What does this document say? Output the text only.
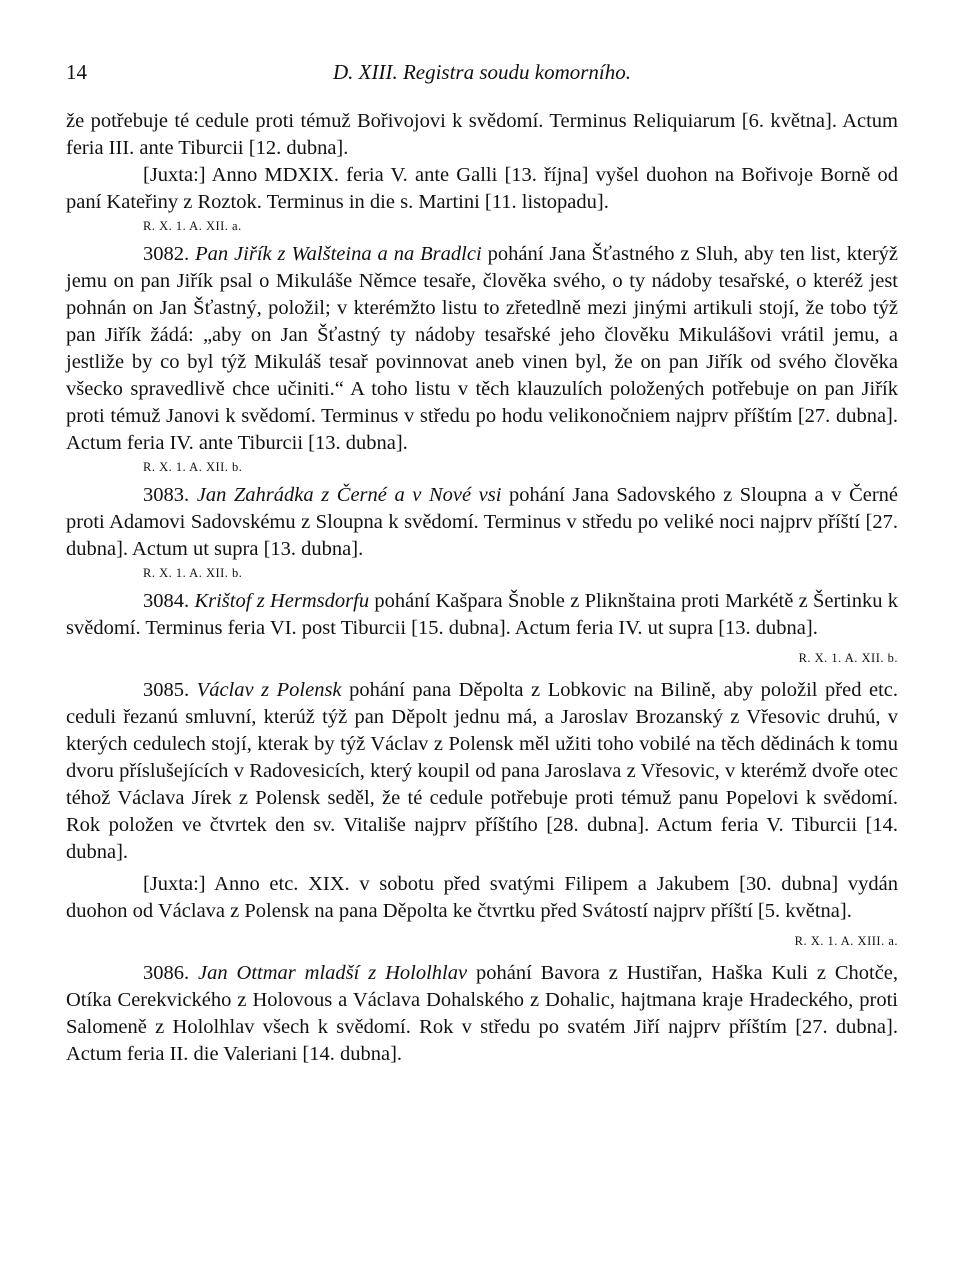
14	D. XIII. Registra soudu komorního.

že potřebuje té cedule proti témuž Bořivojovi k svědomí. Terminus Reliquiarum [6. května]. Actum feria III. ante Tiburcii [12. dubna].

[Juxta:] Anno MDXIX. feria V. ante Galli [13. října] vyšel duohon na Bořivoje Borně od paní Kateřiny z Roztok. Terminus in die s. Martini [11. listopadu].

R. X. 1. A. XII. a.

3082. Pan Jiřík z Walšteina a na Bradlci pohání Jana Šťastného z Sluh, aby ten list, kterýž jemu on pan Jiřík psal o Mikuláše Němce tesaře, člověka svého, o ty nádoby tesařské, o kteréž jest pohnán on Jan Šťastný, položil; v kterémžto listu to zřetedlně mezi jinými artikuli stojí, že tobo týž pan Jiřík žádá: „aby on Jan Šťastný ty nádoby tesařské jeho člověku Mikulášovi vrátil jemu, a jestliže by co byl týž Mikuláš tesař povinnovat aneb vinen byl, že on pan Jiřík od svého člověka všecko spravedlivě chce učiniti.“ A toho listu v těch klauzulích položených potřebuje on pan Jiřík proti témuž Janovi k svědomí. Terminus v středu po hodu velikonočniem najprv příštím [27. dubna]. Actum feria IV. ante Tiburcii [13. dubna].

R. X. 1. A. XII. b.

3083. Jan Zahrádka z Černé a v Nové vsi pohání Jana Sadovského z Sloupna a v Černé proti Adamovi Sadovskému z Sloupna k svědomí. Terminus v středu po veliké noci najprv příští [27. dubna]. Actum ut supra [13. dubna].

R. X. 1. A. XII. b.

3084. Krištof z Hermsdorfu pohání Kašpara Šnoble z Pliknštaina proti Markétě z Šertinku k svědomí. Terminus feria VI. post Tiburcii [15. dubna]. Actum feria IV. ut supra [13. dubna].
R. X. 1. A. XII. b.

3085. Václav z Polensk pohání pana Děpolta z Lobkovic na Bilině, aby položil před etc. ceduli řezanú smluvní, kterúž týž pan Děpolt jednu má, a Jaroslav Brozanský z Vřesovic druhú, v kterých cedulech stojí, kterak by týž Václav z Polensk měl užiti toho vobilé na těch dědinách k tomu dvoru příslušejících v Radovesicích, který koupil od pana Jaroslava z Vřesovic, v kterémž dvoře otec téhož Václava Jírek z Polensk seděl, že té cedule potřebuje proti témuž panu Popelovi k svědomí. Rok položen ve čtvrtek den sv. Vitališe najprv příštího [28. dubna]. Actum feria V. Tiburcii [14. dubna].

[Juxta:] Anno etc. XIX. v sobotu před svatými Filipem a Jakubem [30. dubna] vydán duohon od Václava z Polensk na pana Děpolta ke čtvrtku před Svátostí najprv příští [5. května].
R. X. 1. A. XIII. a.

3086. Jan Ottmar mladší z Hololhlav pohání Bavora z Hustiřan, Haška Kuli z Chotče, Otíka Cerekvického z Holovous a Václava Dohalského z Dohalic, hajtmana kraje Hradeckého, proti Salomeně z Hololhlav všech k svědomí. Rok v středu po svatém Jiří najprv příštím [27. dubna]. Actum feria II. die Valeriani [14. dubna].
